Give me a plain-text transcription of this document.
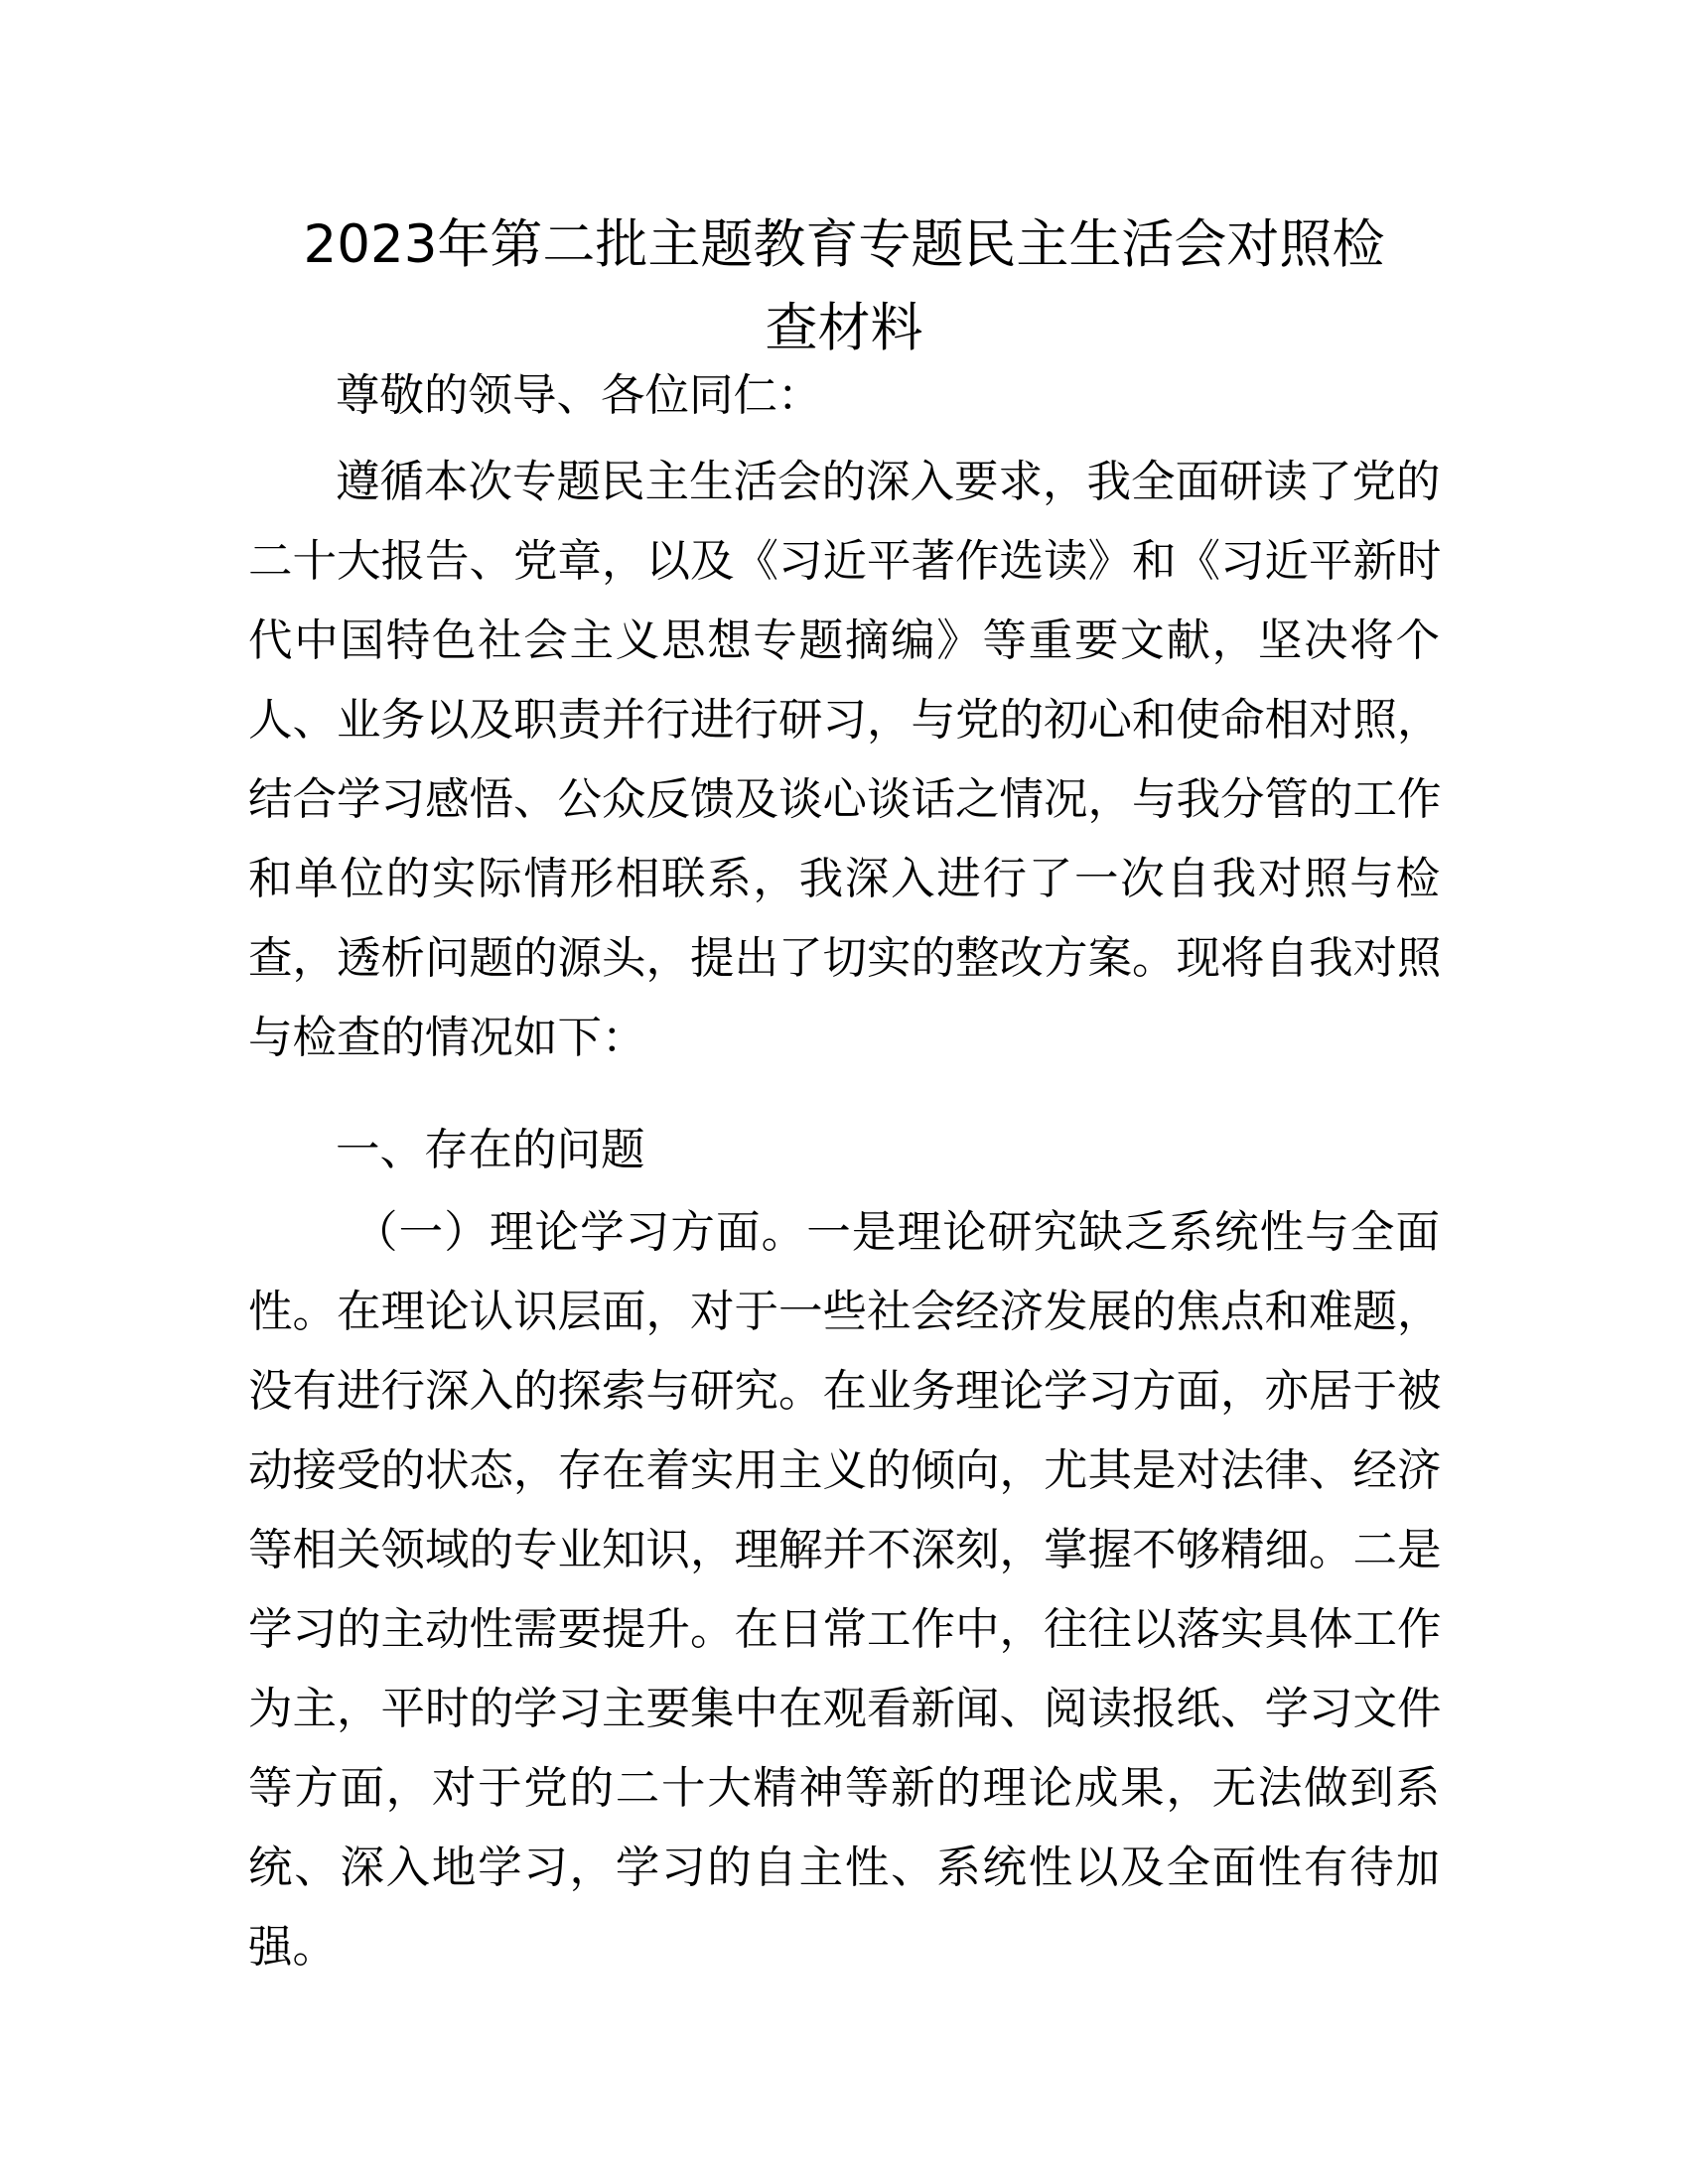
2023年第二批主题教育专题民主生活会对照检
查材料

尊敬的领导、各位同仁：

遵循本次专题民主生活会的深入要求，我全面研读了党的
二十大报告、党章，以及《习近平著作选读》和《习近平新时
代中国特色社会主义思想专题摘编》等重要文献，坚决将个
人、业务以及职责并行进行研习，与党的初心和使命相对照，
结合学习感悟、公众反馈及谈心谈话之情况，与我分管的工作
和单位的实际情形相联系，我深入进行了一次自我对照与检
查，透析问题的源头，提出了切实的整改方案。现将自我对照
与检查的情况如下：

一、存在的问题

（一）理论学习方面。一是理论研究缺乏系统性与全面
性。在理论认识层面，对于一些社会经济发展的焦点和难题，
没有进行深入的探索与研究。在业务理论学习方面，亦居于被
动接受的状态，存在着实用主义的倾向，尤其是对法律、经济
等相关领域的专业知识，理解并不深刻，掌握不够精细。二是
学习的主动性需要提升。在日常工作中，往往以落实具体工作
为主，平时的学习主要集中在观看新闻、阅读报纸、学习文件
等方面，对于党的二十大精神等新的理论成果，无法做到系
统、深入地学习，学习的自主性、系统性以及全面性有待加
强。
